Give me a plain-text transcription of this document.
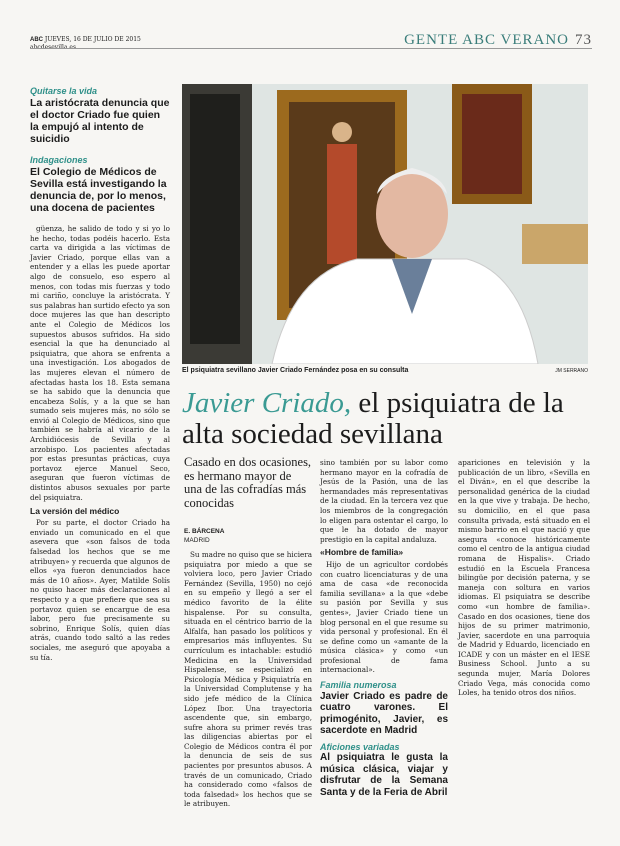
ABC JUEVES, 16 DE JULIO DE 2015	GENTE ABC VERANO 73
Quitarse la vida
La aristócrata denuncia que el doctor Criado fue quien la empujó al intento de suicidio
Indagaciones
El Colegio de Médicos de Sevilla está investigando la denuncia de, por lo menos, una docena de pacientes

güenza, he salido de todo y si yo lo he hecho, todas podéis hacerlo. Esta carta va dirigida a las víctimas de Javier Criado, porque ellas van a entender y a ellas les puede aportar algo de consuelo, eso espero al menos, con todas mis fuerzas y todo mi cariño, concluye la aristócrata. Y sus palabras han surtido efecto ya son doce mujeres las que han descripto ante el Colegio de Médicos los supuestos abusos sufridos. Ha sido esencial la que ha denunciado al psiquiatra, que ahora se enfrenta a una investigación. Los abogados de las mujeres elevan el número de afectadas hasta los 18. Esta semana se ha sabido que la denuncia que encabeza Solís, y a la que se han sumado seis mujeres más, no sólo se envió al Colegio de Médicos, sino que también se habría al vicario de la Archidiócesis de Sevilla y al arzobispo. Los pacientes afectadas por estas presuntas prácticas, cuya portavoz ejerce Manuel Seco, aseguran que fueron víctimas de distintos abusos sexuales por parte del psiquiatra.

La versión del médico

Por su parte, el doctor Criado ha enviado un comunicado en el que asevera que «son falsos de toda falsedad los hechos que se me atribuyen» y recuerda que algunos de ellos «ya fueron denunciados hace más de 10 años». Ayer, Matilde Solís no quiso hacer más declaraciones al respecto y a que prefiere que sea su portavoz quien se encargue de esa labor, pero fue precisamente su sobrino, Enrique Solís, quien días atrás, cuando todo saltó a las redes sociales, me aseguró que apoyaba a su tía.

El psiquiatra sevillano Javier Criado Fernández posa en su consulta	JM SERRANO
Javier Criado, el psiquiatra de la alta sociedad sevillana
Casado en dos ocasiones, es hermano mayor de una de las cofradías más conocidas
E. BÁRCENA
MADRID

Su madre no quiso que se hiciera psiquiatra por miedo a que se volviera loco, pero Javier Criado Fernández (Sevilla, 1950) no cejó en su empeño y llegó a ser el médico favorito de la élite hispalense. Por su consulta, situada en el céntrico barrio de la Alfalfa, han pasado los políticos y empresarios más influyentes. Su currículum es intachable: estudió Medicina en la Universidad Hispalense, se especializó en Psicología Médica y Psiquiatría en la Universidad Complutense y ha sido jefe médico de la Clínica López Ibor. Una trayectoria ascendente que, sin embargo, sufre ahora su primer revés tras las diligencias abiertas por el Colegio de Médicos contra él por la denuncia de seis de sus pacientes por presuntos abusos. A través de un comunicado, Criado ha considerado como «falsos de toda falsedad» los hechos que se le atribuyen.

sino también por su labor como hermano mayor en la cofradía de Jesús de la Pasión, una de las hermandades más representativas de la ciudad. En la tercera vez que los miembros de la congregación lo eligen para ostentar el cargo, lo que le ha dotado de mayor prestigio en la capital andaluza.

«Hombre de familia»

Hijo de un agricultor cordobés con cuatro licenciaturas y de una ama de casa «de reconocida familia sevillana» a la que «debe su pasión por Sevilla y sus gentes», Javier Criado tiene un blog personal en el que resume su vida personal y profesional. En él se define como un «amante de la música clásica» y como «un profesional de fama internacional».

Familia numerosa
Javier Criado es padre de cuatro varones. El primogénito, Javier, es sacerdote en Madrid
Aficiones variadas
Al psiquiatra le gusta la música clásica, viajar y disfrutar de la Semana Santa y de la Feria de Abril

apariciones en televisión y la publicación de un libro, «Sevilla en el Diván», en el que describe la personalidad genérica de la ciudad en la que vive y trabaja. De hecho, su domicilio, en el que pasa consulta privada, está situado en el mismo barrio en el que nació y que asegura «conoce históricamente como el centro de la antigua ciudad romana de Hispalis». Criado estudió en la Escuela Francesa bilingüe por decisión paterna, y se maneja con soltura en varios idiomas. El psiquiatra se describe como «un hombre de familia». Casado en dos ocasiones, tiene dos hijos de su primer matrimonio, Javier, sacerdote en una parroquia de Madrid y Eduardo, licenciado en ICADE y con un máster en el IESE Business School. Junto a su segunda mujer, María Dolores Criado Vega, más conocida como Loles, ha tenido otros dos niños.
